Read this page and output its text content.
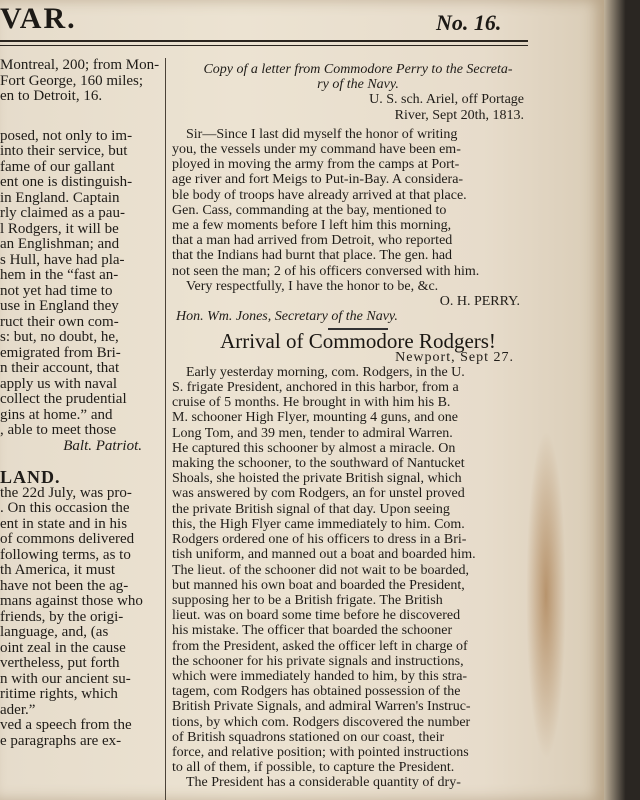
VAR.	No. 16.

Montreal, 200; from Mon-

Fort George, 160 miles;

en to Detroit, 16.

posed, not only to im-

into their service, but

fame of our gallant

ent one is distinguish-

in England. Captain

rly claimed as a pau-

l Rodgers, it will be

an Englishman; and

s Hull, have had pla-

hem in the “fast an-

not yet had time to

use in England they

ruct their own com-

s: but, no doubt, he,

emigrated from Bri-

n their account, that

apply us with naval

collect the prudential

gins at home.” and

, able to meet those

Balt. Patriot.

LAND.

the 22d July, was pro-

. On this occasion the

ent in state and in his

of commons delivered

following terms, as to

th America, it must

have not been the ag-

mans against those who

friends, by the origi-

language, and, (as

oint zeal in the cause

vertheless, put forth

n with our ancient su-

ritime rights, which

ader.”

ved a speech from the

e paragraphs are ex-

Copy of a letter from Commodore Perry to the Secreta-

ry of the Navy.

U. S. sch. Ariel, off Portage

River, Sept 20th, 1813.

Sir—Since I last did myself the honor of writing

you, the vessels under my command have been em-

ployed in moving the army from the camps at Port-

age river and fort Meigs to Put-in-Bay. A considera-

ble body of troops have already arrived at that place.

Gen. Cass, commanding at the bay, mentioned to

me a few moments before I left him this morning,

that a man had arrived from Detroit, who reported

that the Indians had burnt that place. The gen. had

not seen the man; 2 of his officers conversed with him.

Very respectfully, I have the honor to be, &c.

O. H. PERRY.

Hon. Wm. Jones, Secretary of the Navy.

Arrival of Commodore Rodgers!

Newport, Sept 27.

Early yesterday morning, com. Rodgers, in the U.

S. frigate President, anchored in this harbor, from a

cruise of 5 months. He brought in with him his B.

M. schooner High Flyer, mounting 4 guns, and one

Long Tom, and 39 men, tender to admiral Warren.

He captured this schooner by almost a miracle. On

making the schooner, to the southward of Nantucket

Shoals, she hoisted the private British signal, which

was answered by com Rodgers, an for unstel proved

the private British signal of that day. Upon seeing

this, the High Flyer came immediately to him. Com.

Rodgers ordered one of his officers to dress in a Bri-

tish uniform, and manned out a boat and boarded him.

The lieut. of the schooner did not wait to be boarded,

but manned his own boat and boarded the President,

supposing her to be a British frigate. The British

lieut. was on board some time before he discovered

his mistake. The officer that boarded the schooner

from the President, asked the officer left in charge of

the schooner for his private signals and instructions,

which were immediately handed to him, by this stra-

tagem, com Rodgers has obtained possession of the

British Private Signals, and admiral Warren's Instruc-

tions, by which com. Rodgers discovered the number

of British squadrons stationed on our coast, their

force, and relative position; with pointed instructions

to all of them, if possible, to capture the President.

The President has a considerable quantity of dry-
